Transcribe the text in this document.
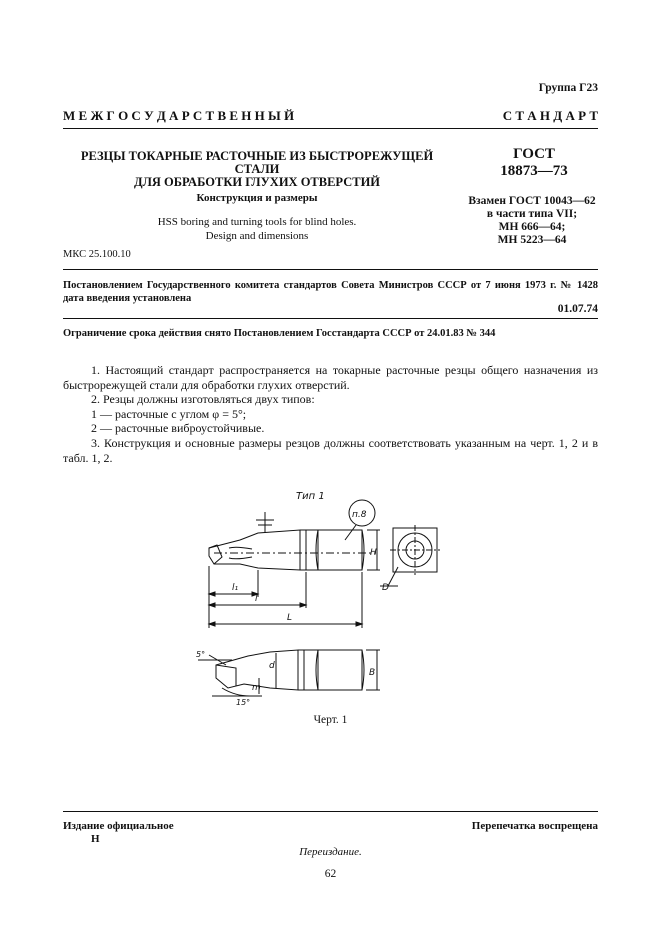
Группа Г23
М Е Ж Г О С У Д А Р С Т В Е Н Н Ы Й	С Т А Н Д А Р Т
РЕЗЦЫ ТОКАРНЫЕ РАСТОЧНЫЕ ИЗ БЫСТРОРЕЖУЩЕЙ СТАЛИ
ДЛЯ ОБРАБОТКИ ГЛУХИХ ОТВЕРСТИЙ
ГОСТ
18873—73
Конструкция и размеры
HSS boring and turning tools for blind holes.
Design and dimensions
Взамен ГОСТ 10043—62
в части типа VII;
МН 666—64;
МН 5223—64
МКС 25.100.10
Постановлением Государственного комитета стандартов Совета Министров СССР от 7 июня 1973 г. № 1428 дата введения установлена
01.07.74
Ограничение срока действия снято Постановлением Госстандарта СССР от 24.01.83 № 344

1. Настоящий стандарт распространяется на токарные расточные резцы общего назначения из быстрорежущей стали для обработки глухих отверстий.

2. Резцы должны изготовляться двух типов:

1 — расточные с углом φ = 5°;

2 — расточные виброустойчивые.

3. Конструкция и основные размеры резцов должны соответствовать указанным на черт. 1, 2 и в табл. 1, 2.

Тип 1
п.8
H
D
l₁
l
L
B
d
m
5°
15°
Черт. 1
Издание официальное
Н
Перепечатка воспрещена
Переиздание.
62
